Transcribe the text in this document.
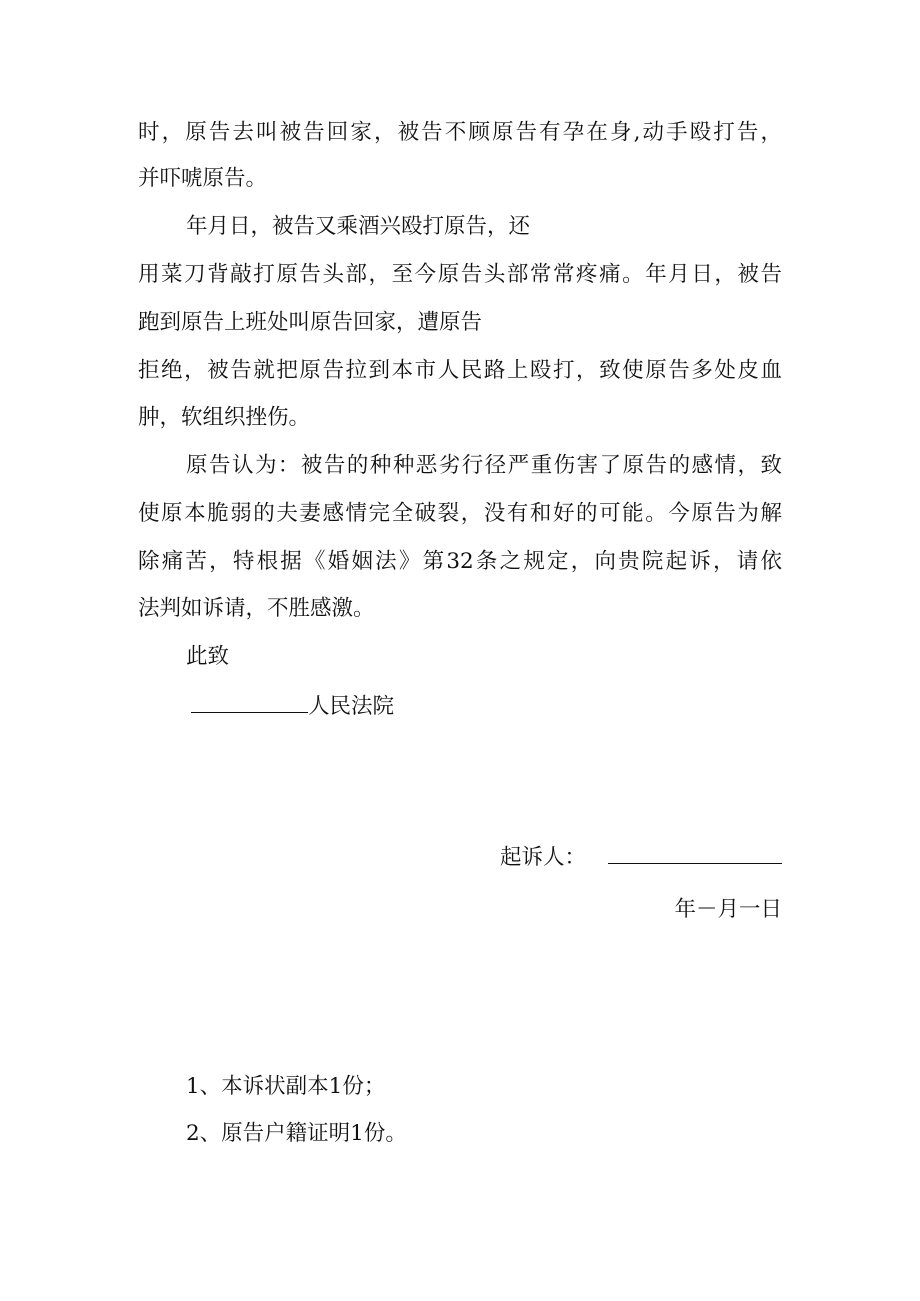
时，原告去叫被告回家，被告不顾原告有孕在身,动手殴打告，
并吓唬原告。
年月日，被告又乘酒兴殴打原告，还
用菜刀背敲打原告头部，至今原告头部常常疼痛。年月日，被告
跑到原告上班处叫原告回家，遭原告
拒绝，被告就把原告拉到本市人民路上殴打，致使原告多处皮血
肿，软组织挫伤。
原告认为：被告的种种恶劣行径严重伤害了原告的感情，致
使原本脆弱的夫妻感情完全破裂，没有和好的可能。今原告为解
除痛苦，特根据《婚姻法》第32条之规定，向贵院起诉，请依
法判如诉请，不胜感激。
此致
人民法院
起诉人：
年－月一日
1、本诉状副本1份；
2、原告户籍证明1份。
